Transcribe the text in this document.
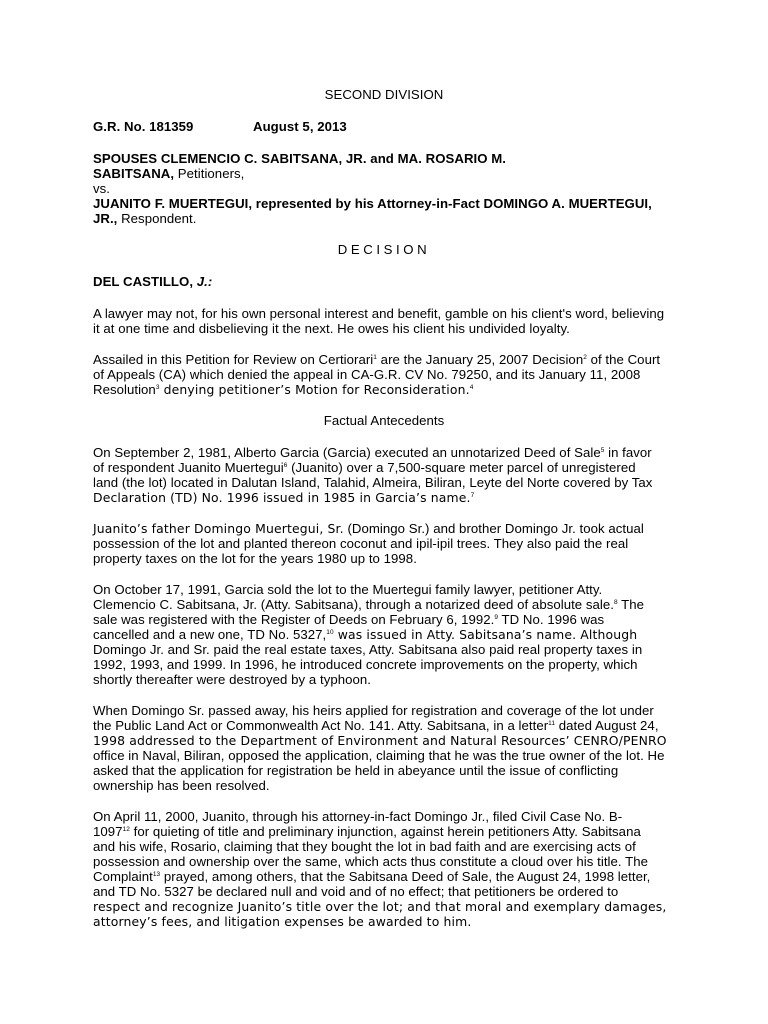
SECOND DIVISION

G.R. No. 181359	August 5, 2013

SPOUSES CLEMENCIO C. SABITSANA, JR. and MA. ROSARIO M.

SABITSANA, Petitioners,

vs.

JUANITO F. MUERTEGUI, represented by his Attorney-in-Fact DOMINGO A. MUERTEGUI,

JR., Respondent.

DECISION

DEL CASTILLO, J.:

A lawyer may not, for his own personal interest and benefit, gamble on his client's word, believing

it at one time and disbelieving it the next. He owes his client his undivided loyalty.

Assailed in this Petition for Review on Certiorari$^1$ are the January 25, 2007 Decision$^2$ of the Court

of Appeals (CA) which denied the appeal in CA-G.R. CV No. 79250, and its January 11, 2008

Resolution$^3$ denying petitioner’s Motion for Reconsideration.$^4$

Factual Antecedents

On September 2, 1981, Alberto Garcia (Garcia) executed an unnotarized Deed of Sale$^5$ in favor

of respondent Juanito Muertegui$^6$ (Juanito) over a 7,500-square meter parcel of unregistered

land (the lot) located in Dalutan Island, Talahid, Almeira, Biliran, Leyte del Norte covered by Tax

Declaration (TD) No. 1996 issued in 1985 in Garcia’s name.$^7$

Juanito’s father Domingo Muertegui, Sr. (Domingo Sr.) and brother Domingo Jr. took actual

possession of the lot and planted thereon coconut and ipil-ipil trees. They also paid the real

property taxes on the lot for the years 1980 up to 1998.

On October 17, 1991, Garcia sold the lot to the Muertegui family lawyer, petitioner Atty.

Clemencio C. Sabitsana, Jr. (Atty. Sabitsana), through a notarized deed of absolute sale.$^8$ The

sale was registered with the Register of Deeds on February 6, 1992.$^9$ TD No. 1996 was

cancelled and a new one, TD No. 5327,10 was issued in Atty. Sabitsana’s name. Although

Domingo Jr. and Sr. paid the real estate taxes, Atty. Sabitsana also paid real property taxes in

1992, 1993, and 1999. In 1996, he introduced concrete improvements on the property, which

shortly thereafter were destroyed by a typhoon.

When Domingo Sr. passed away, his heirs applied for registration and coverage of the lot under

the Public Land Act or Commonwealth Act No. 141. Atty. Sabitsana, in a letter$^{11}$ dated August 24,

1998 addressed to the Department of Environment and Natural Resources’ CENRO/PENRO

office in Naval, Biliran, opposed the application, claiming that he was the true owner of the lot. He

asked that the application for registration be held in abeyance until the issue of conflicting

ownership has been resolved.

On April 11, 2000, Juanito, through his attorney-in-fact Domingo Jr., filed Civil Case No. B-

1097$^{12}$ for quieting of title and preliminary injunction, against herein petitioners Atty. Sabitsana

and his wife, Rosario, claiming that they bought the lot in bad faith and are exercising acts of

possession and ownership over the same, which acts thus constitute a cloud over his title. The

Complaint$^{13}$ prayed, among others, that the Sabitsana Deed of Sale, the August 24, 1998 letter,

and TD No. 5327 be declared null and void and of no effect; that petitioners be ordered to

respect and recognize Juanito’s title over the lot; and that moral and exemplary damages,

attorney’s fees, and litigation expenses be awarded to him.
